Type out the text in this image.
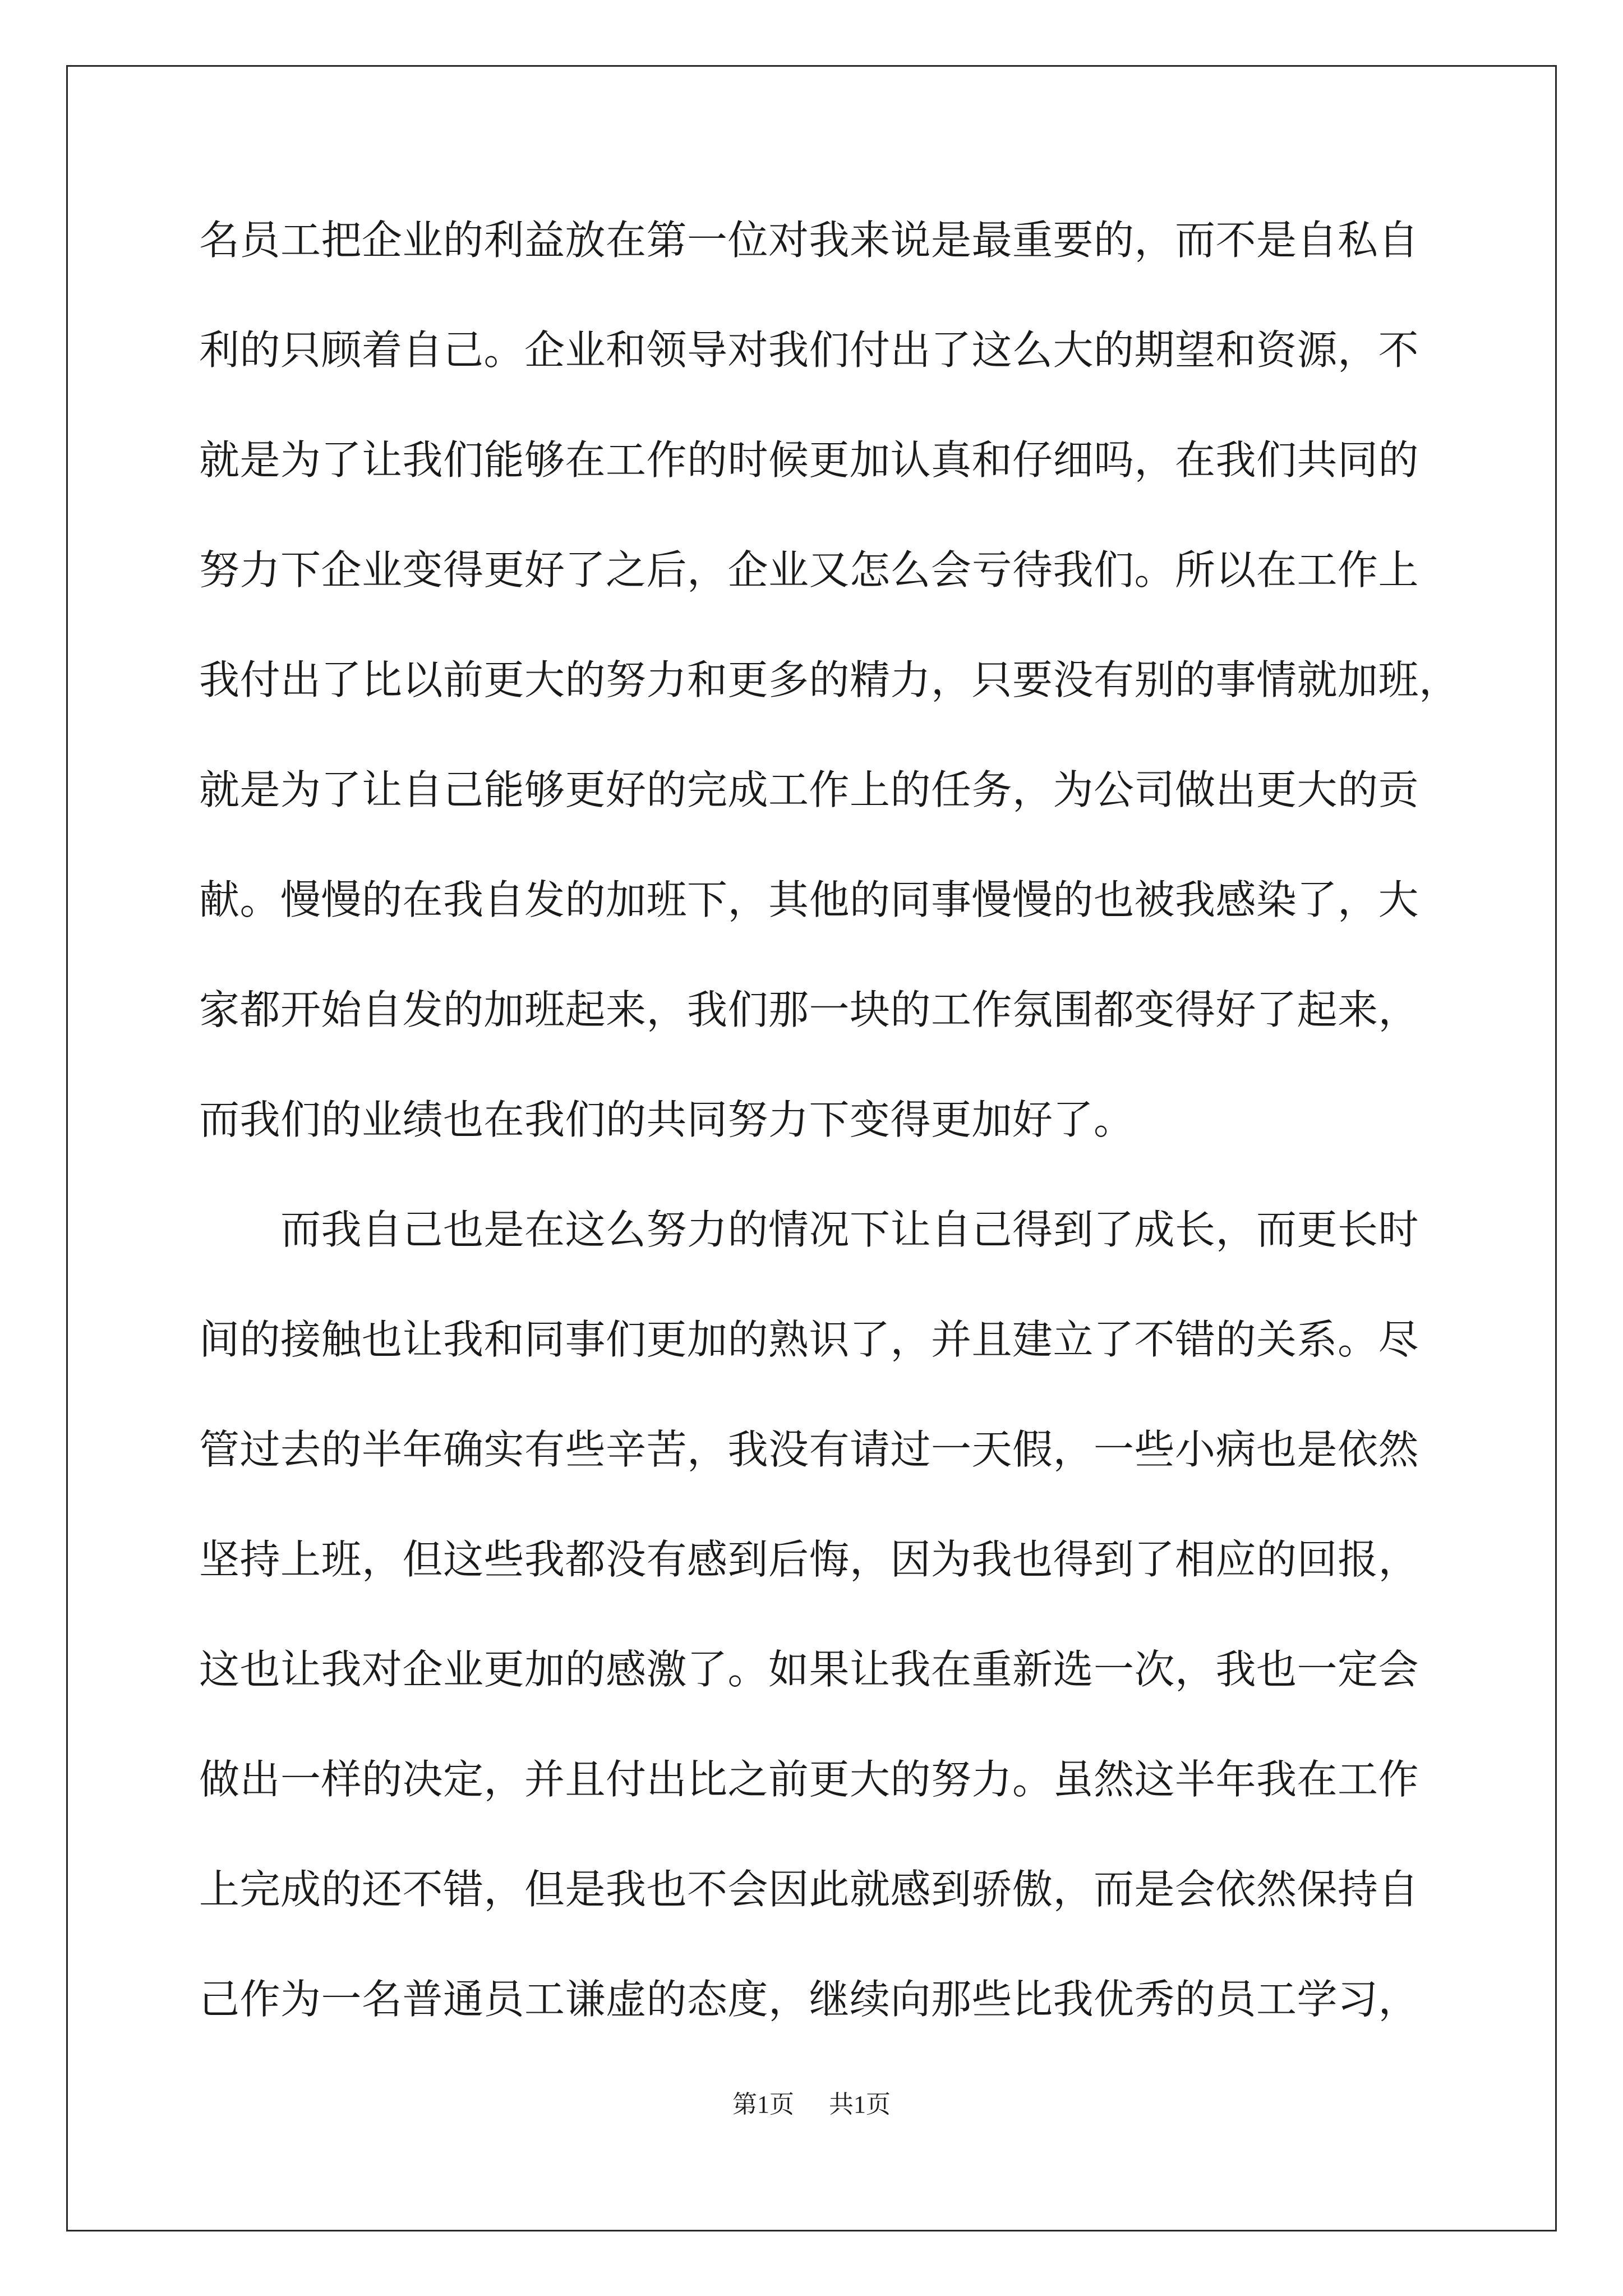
名员工把企业的利益放在第一位对我来说是最重要的，而不是自私自
利的只顾着自己。企业和领导对我们付出了这么大的期望和资源，不
就是为了让我们能够在工作的时候更加认真和仔细吗，在我们共同的
努力下企业变得更好了之后，企业又怎么会亏待我们。所以在工作上
我付出了比以前更大的努力和更多的精力，只要没有别的事情就加班，
就是为了让自己能够更好的完成工作上的任务，为公司做出更大的贡
献。慢慢的在我自发的加班下，其他的同事慢慢的也被我感染了，大
家都开始自发的加班起来，我们那一块的工作氛围都变得好了起来，
而我们的业绩也在我们的共同努力下变得更加好了。
　　而我自己也是在这么努力的情况下让自己得到了成长，而更长时
间的接触也让我和同事们更加的熟识了，并且建立了不错的关系。尽
管过去的半年确实有些辛苦，我没有请过一天假，一些小病也是依然
坚持上班，但这些我都没有感到后悔，因为我也得到了相应的回报，
这也让我对企业更加的感激了。如果让我在重新选一次，我也一定会
做出一样的决定，并且付出比之前更大的努力。虽然这半年我在工作
上完成的还不错，但是我也不会因此就感到骄傲，而是会依然保持自
己作为一名普通员工谦虚的态度，继续向那些比我优秀的员工学习，
第1页 共1页
